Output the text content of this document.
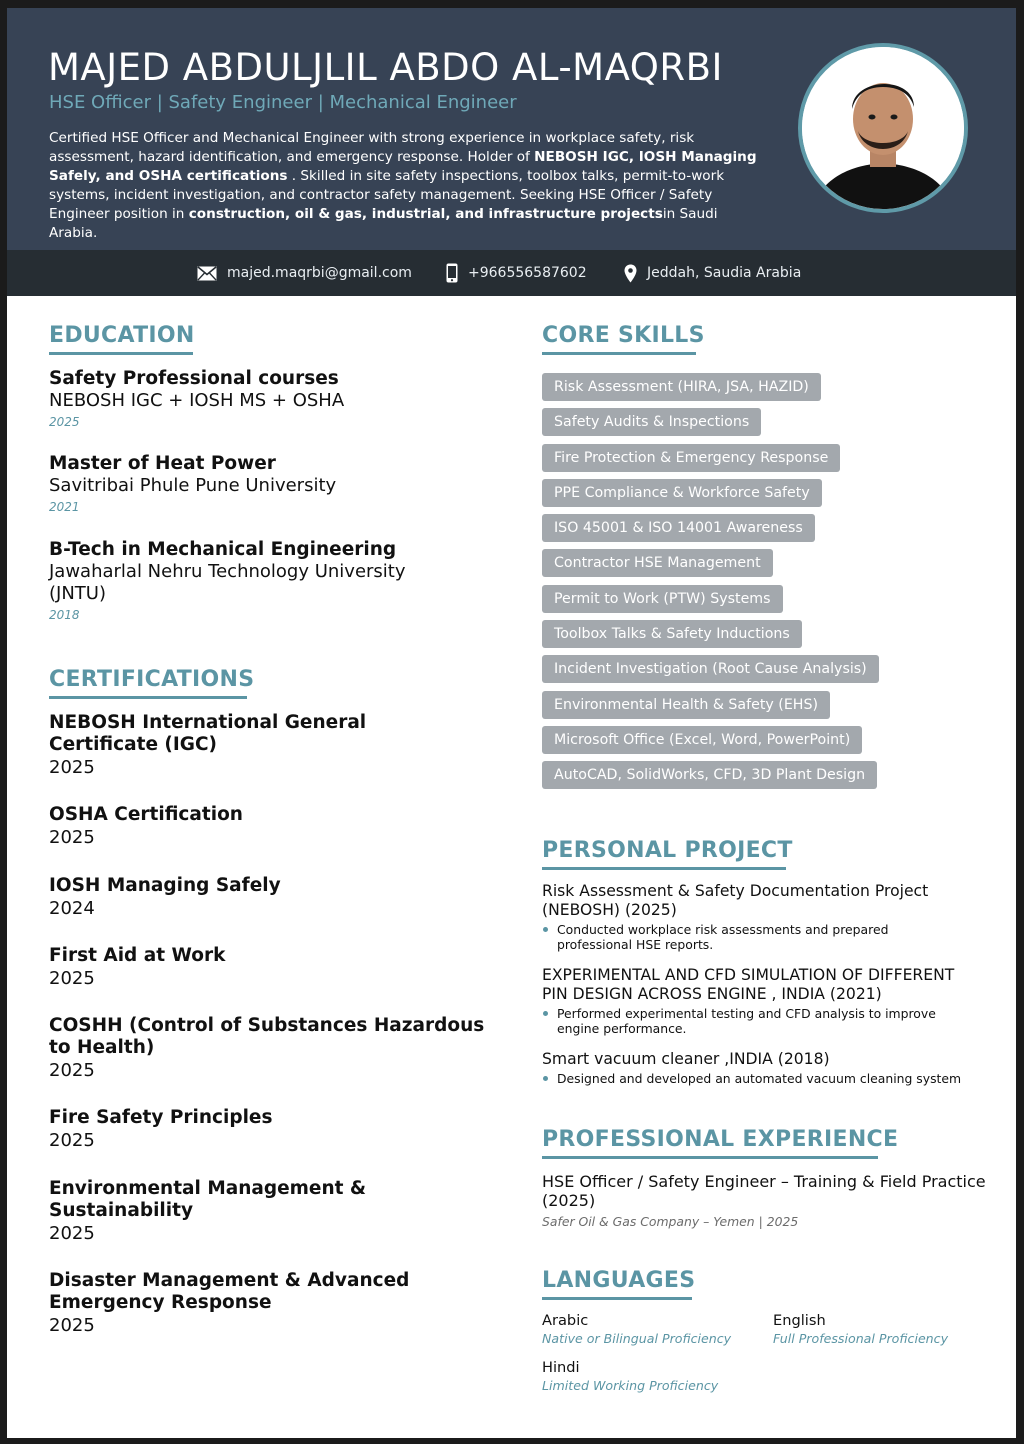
MAJED ABDULJLIL ABDO AL-MAQRBI
HSE Officer | Safety Engineer | Mechanical Engineer
Certified HSE Officer and Mechanical Engineer with strong experience in workplace safety, risk assessment, hazard identification, and emergency response. Holder of NEBOSH IGC, IOSH Managing Safely, and OSHA certifications . Skilled in site safety inspections, toolbox talks, permit-to-work systems, incident investigation, and contractor safety management. Seeking HSE Officer / Safety Engineer position in construction, oil & gas, industrial, and infrastructure projectsin Saudi Arabia.
majed.maqrbi@gmail.com	+966556587602	Jeddah, Saudia Arabia
EDUCATION
Safety Professional courses
NEBOSH IGC + IOSH MS + OSHA
2025
Master of Heat Power
Savitribai Phule Pune University
2021
B-Tech in Mechanical Engineering
Jawaharlal Nehru Technology University (JNTU)
2018
CERTIFICATIONS
NEBOSH International General Certificate (IGC)
2025
OSHA Certification
2025
IOSH Managing Safely
2024
First Aid at Work
2025
COSHH (Control of Substances Hazardous to Health)
2025
Fire Safety Principles
2025
Environmental Management & Sustainability
2025
Disaster Management & Advanced Emergency Response
2025
CORE SKILLS
Risk Assessment (HIRA, JSA, HAZID)
Safety Audits & Inspections
Fire Protection & Emergency Response
PPE Compliance & Workforce Safety
ISO 45001 & ISO 14001 Awareness
Contractor HSE Management
Permit to Work (PTW) Systems
Toolbox Talks & Safety Inductions
Incident Investigation (Root Cause Analysis)
Environmental Health & Safety (EHS)
Microsoft Office (Excel, Word, PowerPoint)
AutoCAD, SolidWorks, CFD, 3D Plant Design
PERSONAL PROJECT
Risk Assessment & Safety Documentation Project (NEBOSH) (2025)
Conducted workplace risk assessments and prepared professional HSE reports.
EXPERIMENTAL AND CFD SIMULATION OF DIFFERENT PIN DESIGN ACROSS ENGINE , INDIA (2021)
Performed experimental testing and CFD analysis to improve engine performance.
Smart vacuum cleaner ,INDIA (2018)
Designed and developed an automated vacuum cleaning system
PROFESSIONAL EXPERIENCE
HSE Officer / Safety Engineer – Training & Field Practice (2025)
Safer Oil & Gas Company – Yemen | 2025
LANGUAGES
Arabic
Native or Bilingual Proficiency
English
Full Professional Proficiency
Hindi
Limited Working Proficiency
